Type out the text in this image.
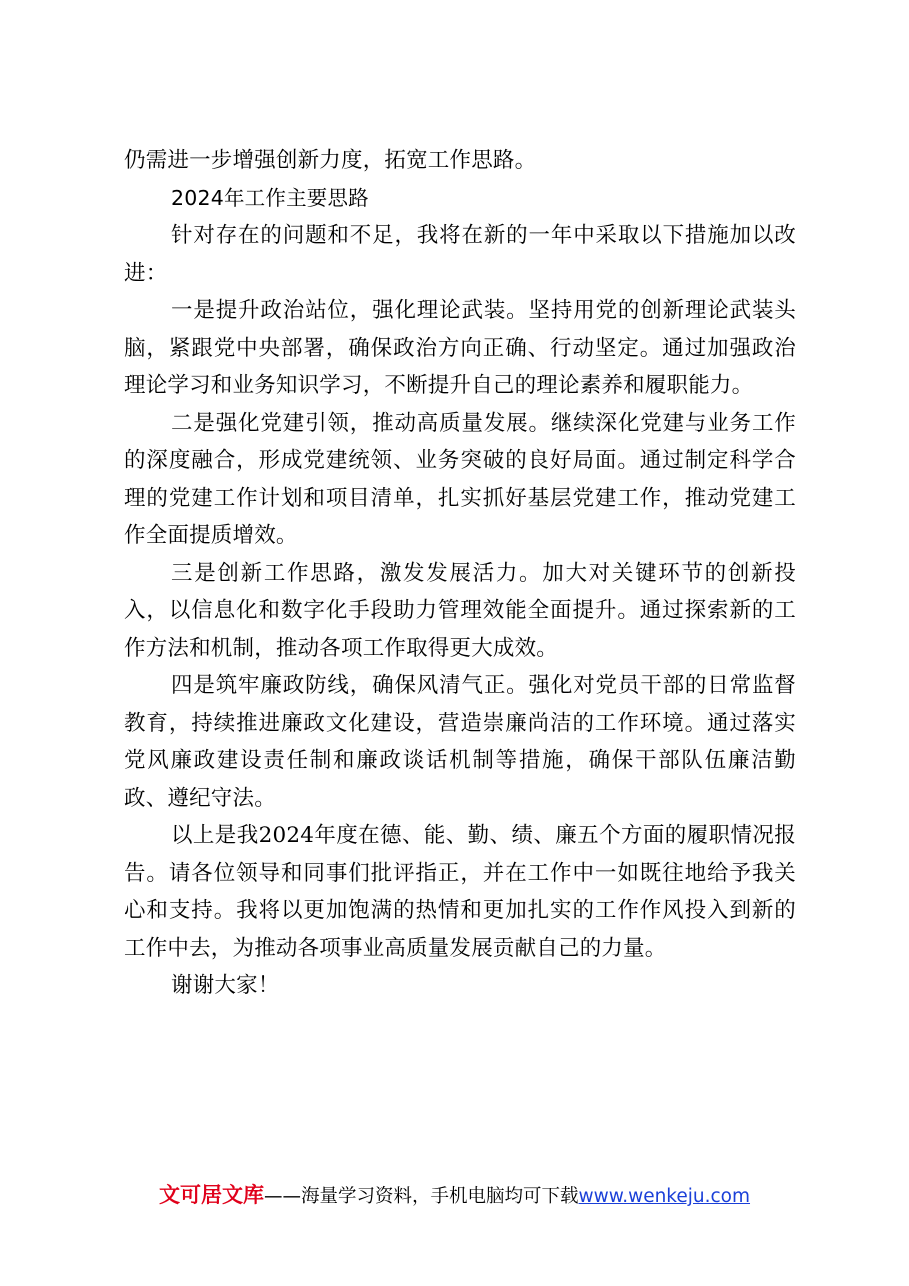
仍需进一步增强创新力度，拓宽工作思路。

2024年工作主要思路

针对存在的问题和不足，我将在新的一年中采取以下措施加以改进：

一是提升政治站位，强化理论武装。坚持用党的创新理论武装头脑，紧跟党中央部署，确保政治方向正确、行动坚定。通过加强政治理论学习和业务知识学习，不断提升自己的理论素养和履职能力。

二是强化党建引领，推动高质量发展。继续深化党建与业务工作的深度融合，形成党建统领、业务突破的良好局面。通过制定科学合理的党建工作计划和项目清单，扎实抓好基层党建工作，推动党建工作全面提质增效。

三是创新工作思路，激发发展活力。加大对关键环节的创新投入，以信息化和数字化手段助力管理效能全面提升。通过探索新的工作方法和机制，推动各项工作取得更大成效。

四是筑牢廉政防线，确保风清气正。强化对党员干部的日常监督教育，持续推进廉政文化建设，营造崇廉尚洁的工作环境。通过落实党风廉政建设责任制和廉政谈话机制等措施，确保干部队伍廉洁勤政、遵纪守法。

以上是我2024年度在德、能、勤、绩、廉五个方面的履职情况报告。请各位领导和同事们批评指正，并在工作中一如既往地给予我关心和支持。我将以更加饱满的热情和更加扎实的工作作风投入到新的工作中去，为推动各项事业高质量发展贡献自己的力量。

谢谢大家！

文可居文库——海量学习资料，手机电脑均可下载www.wenkeju.com
